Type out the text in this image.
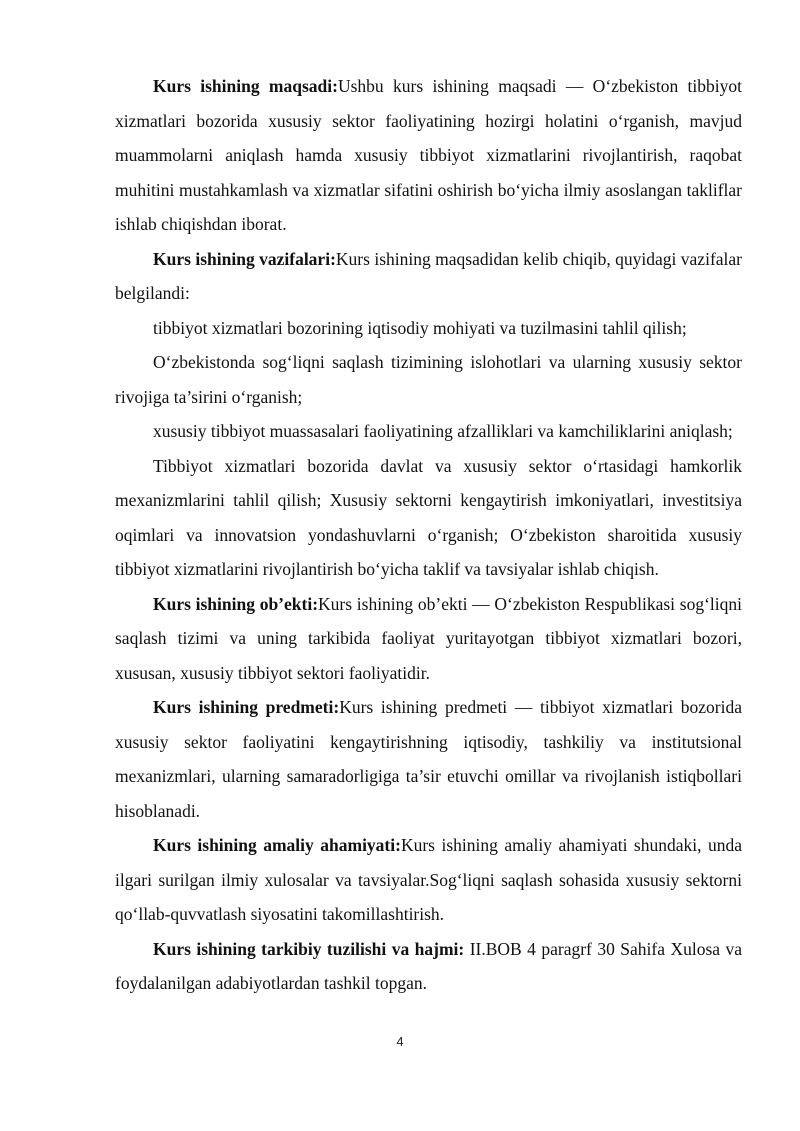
Kurs ishining maqsadi:Ushbu kurs ishining maqsadi — O‘zbekiston tibbiyot xizmatlari bozorida xususiy sektor faoliyatining hozirgi holatini o‘rganish, mavjud muammolarni aniqlash hamda xususiy tibbiyot xizmatlarini rivojlantirish, raqobat muhitini mustahkamlash va xizmatlar sifatini oshirish bo‘yicha ilmiy asoslangan takliflar ishlab chiqishdan iborat.

Kurs ishining vazifalari:Kurs ishining maqsadidan kelib chiqib, quyidagi vazifalar belgilandi:

tibbiyot xizmatlari bozorining iqtisodiy mohiyati va tuzilmasini tahlil qilish;

O‘zbekistonda sog‘liqni saqlash tizimining islohotlari va ularning xususiy sektor rivojiga ta’sirini o‘rganish;

xususiy tibbiyot muassasalari faoliyatining afzalliklari va kamchiliklarini aniqlash;

Tibbiyot xizmatlari bozorida davlat va xususiy sektor o‘rtasidagi hamkorlik mexanizmlarini tahlil qilish; Xususiy sektorni kengaytirish imkoniyatlari, investitsiya oqimlari va innovatsion yondashuvlarni o‘rganish; O‘zbekiston sharoitida xususiy tibbiyot xizmatlarini rivojlantirish bo‘yicha taklif va tavsiyalar ishlab chiqish.

Kurs ishining ob’ekti:Kurs ishining ob’ekti — O‘zbekiston Respublikasi sog‘liqni saqlash tizimi va uning tarkibida faoliyat yuritayotgan tibbiyot xizmatlari bozori, xususan, xususiy tibbiyot sektori faoliyatidir.

Kurs ishining predmeti:Kurs ishining predmeti — tibbiyot xizmatlari bozorida xususiy sektor faoliyatini kengaytirishning iqtisodiy, tashkiliy va institutsional mexanizmlari, ularning samaradorligiga ta’sir etuvchi omillar va rivojlanish istiqbollari hisoblanadi.

Kurs ishining amaliy ahamiyati:Kurs ishining amaliy ahamiyati shundaki, unda ilgari surilgan ilmiy xulosalar va tavsiyalar.Sog‘liqni saqlash sohasida xususiy sektorni qo‘llab-quvvatlash siyosatini takomillashtirish.

Kurs ishining tarkibiy tuzilishi va hajmi: II.BOB 4 paragrf 30 Sahifa Xulosa va foydalanilgan adabiyotlardan tashkil topgan.

4
